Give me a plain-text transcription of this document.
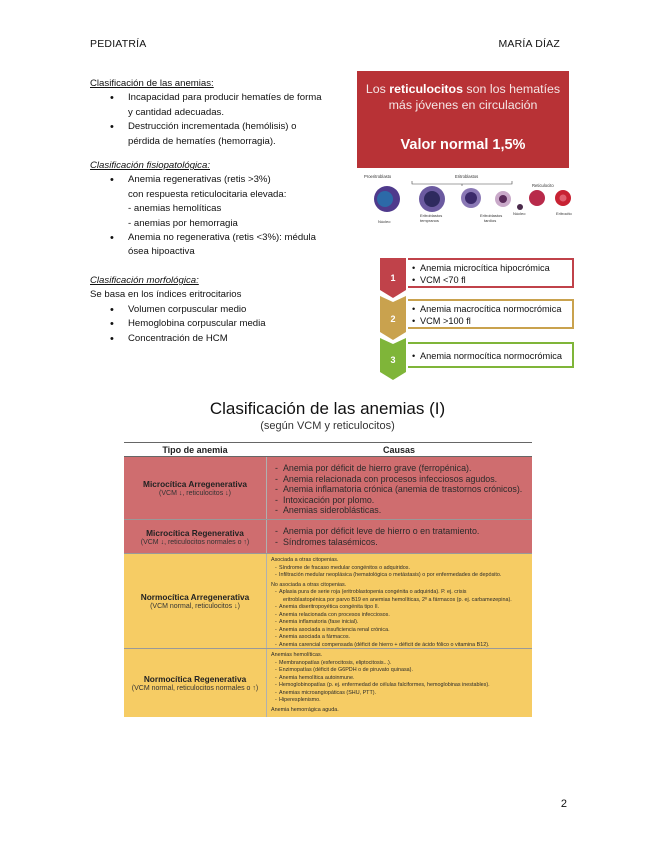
PEDIATRÍA	MARÍA DÍAZ
Clasificación de las anemias:
• Incapacidad para producir hematíes de forma
y cantidad adecuadas.
• Destrucción incrementada (hemólisis) o
pérdida de hematíes (hemorragia).
Clasificación fisiopatológica:
• Anemia regenerativas (retis >3%)
con respuesta reticulocitaria elevada:
- anemias hemolíticas
- anemias por hemorragia
• Anemia no regenerativa (retis <3%): médula
ósea hipoactiva
Clasificación morfológica:
Se basa en los índices eritrocitarios
• Volumen corpuscular medio
• Hemoglobina corpuscular media
• Concentración de HCM
Los reticulocitos son los hematíes más jóvenes en circulación
Valor normal 1,5%
Proeritroblasto	Eritroblastos
Reticulocito
Núcleo
Eritroblastos
tempranos
Eritroblastos
tardíos
Núcleo	Eritrocito
1
• Anemia microcítica hipocrómica
• VCM <70 fl
2
• Anemia macrocítica normocrómica
• VCM >100 fl
3
•	Anemia normocítica normocrómica
Clasificación de las anemias (I)
(según VCM y reticulocitos)
Tipo de anemia	Causas
Microcítica Arregenerativa
(VCM ↓, reticulocitos ↓)
- Anemia por déficit de hierro grave (ferropénica).
- Anemia relacionada con procesos infecciosos agudos.
- Anemia inflamatoria crónica (anemia de trastornos crónicos).
- Intoxicación por plomo.
- Anemias sideroblásticas.
Microcítica Regenerativa
(VCM ↓, reticulocitos normales o ↑)
- Anemia por déficit leve de hierro o en tratamiento.
- Síndromes talasémicos.
Normocítica Arregenerativa
(VCM normal, reticulocitos ↓)
Asociada a otras citopenias.
- Síndrome de fracaso medular congénitos o adquiridos.
- Infiltración medular neoplásica (hematológica o metástasis) o por enfermedades de depósito.
No asociada a otras citopenias.
- Aplasia pura de serie roja (eritroblastopenia congénita o adquirida). P. ej. crisis
eritroblastopénica por parvo B19 en anemias hemolíticas, 2º a fármacos (p. ej. carbamezepina).
- Anemia diseritropoyética congénita tipo II.
- Anemia relacionada con procesos infecciosos.
- Anemia inflamatoria (fase inicial).
- Anemia asociada a insuficiencia renal crónica.
- Anemia asociada a fármacos.
- Anemia carencial compensada (déficit de hierro + déficit de ácido fólico o vitamina B12).
Normocítica Regenerativa
(VCM normal, reticulocitos normales o ↑)
Anemias hemolíticas.
- Membranopatías (esferocitosis, eliptocitosis...).
- Enzimopatías (déficit de G6PDH o de piruvato quinasa).
- Anemia hemolítica autoinmune.
- Hemoglobinopatías (p. ej. enfermedad de células falciformes, hemoglobinas inestables).
- Anemias microangiopáticas (SHU, PTT).
- Hiperesplenismo.
Anemia hemorrágica aguda.
2
